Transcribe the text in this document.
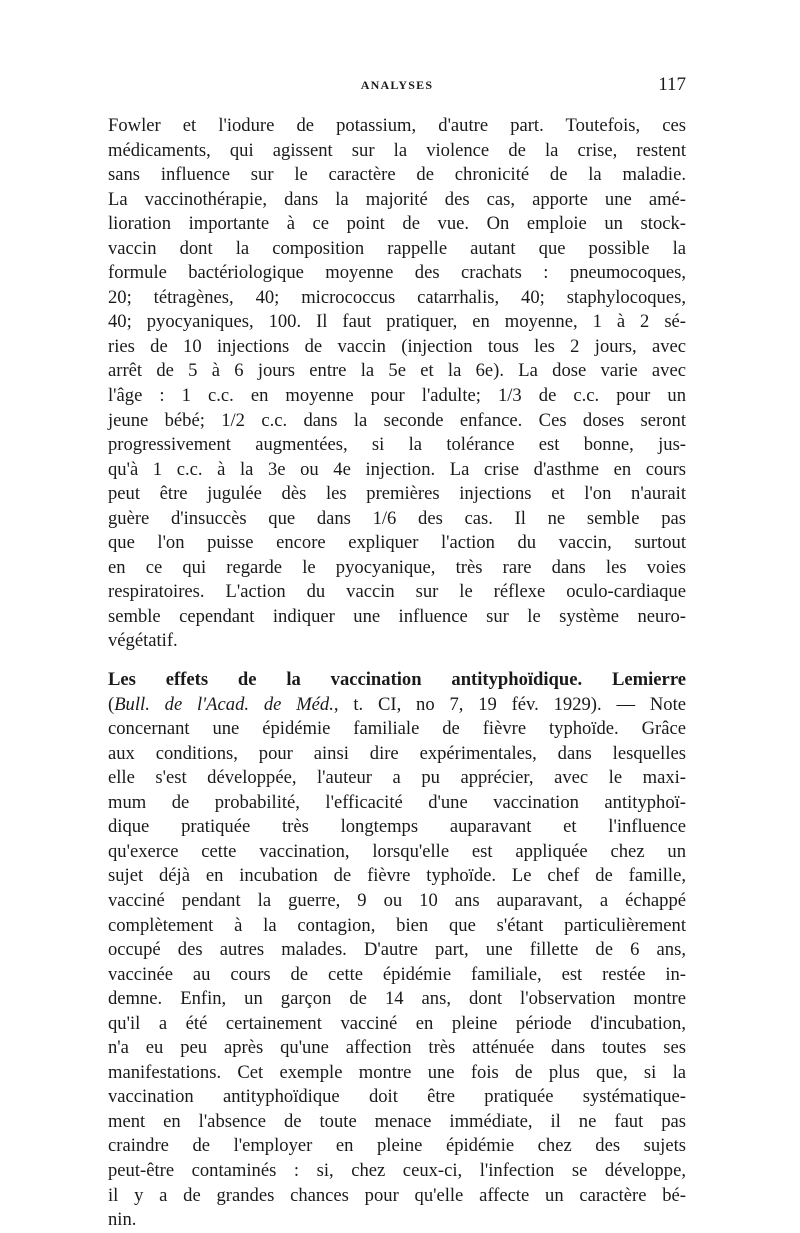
ANALYSES	117
Fowler et l'iodure de potassium, d'autre part. Toutefois, ces
médicaments, qui agissent sur la violence de la crise, restent
sans influence sur le caractère de chronicité de la maladie.
La vaccinothérapie, dans la majorité des cas, apporte une amé-
lioration importante à ce point de vue. On emploie un stock-
vaccin dont la composition rappelle autant que possible la
formule bactériologique moyenne des crachats : pneumocoques,
20; tétragènes, 40; micrococcus catarrhalis, 40; staphylocoques,
40; pyocyaniques, 100. Il faut pratiquer, en moyenne, 1 à 2 sé-
ries de 10 injections de vaccin (injection tous les 2 jours, avec
arrêt de 5 à 6 jours entre la 5e et la 6e). La dose varie avec
l'âge : 1 c.c. en moyenne pour l'adulte; 1/3 de c.c. pour un
jeune bébé; 1/2 c.c. dans la seconde enfance. Ces doses seront
progressivement augmentées, si la tolérance est bonne, jus-
qu'à 1 c.c. à la 3e ou 4e injection. La crise d'asthme en cours
peut être jugulée dès les premières injections et l'on n'aurait
guère d'insuccès que dans 1/6 des cas. Il ne semble pas
que l'on puisse encore expliquer l'action du vaccin, surtout
en ce qui regarde le pyocyanique, très rare dans les voies
respiratoires. L'action du vaccin sur le réflexe oculo-cardiaque
semble cependant indiquer une influence sur le système neuro-
végétatif.
Les effets de la vaccination antityphoïdique. Lemierre
(Bull. de l'Acad. de Méd., t. CI, no 7, 19 fév. 1929). — Note
concernant une épidémie familiale de fièvre typhoïde. Grâce
aux conditions, pour ainsi dire expérimentales, dans lesquelles
elle s'est développée, l'auteur a pu apprécier, avec le maxi-
mum de probabilité, l'efficacité d'une vaccination antityphoï-
dique pratiquée très longtemps auparavant et l'influence
qu'exerce cette vaccination, lorsqu'elle est appliquée chez un
sujet déjà en incubation de fièvre typhoïde. Le chef de famille,
vacciné pendant la guerre, 9 ou 10 ans auparavant, a échappé
complètement à la contagion, bien que s'étant particulièrement
occupé des autres malades. D'autre part, une fillette de 6 ans,
vaccinée au cours de cette épidémie familiale, est restée in-
demne. Enfin, un garçon de 14 ans, dont l'observation montre
qu'il a été certainement vacciné en pleine période d'incubation,
n'a eu peu après qu'une affection très atténuée dans toutes ses
manifestations. Cet exemple montre une fois de plus que, si la
vaccination antityphoïdique doit être pratiquée systématique-
ment en l'absence de toute menace immédiate, il ne faut pas
craindre de l'employer en pleine épidémie chez des sujets
peut-être contaminés : si, chez ceux-ci, l'infection se développe,
il y a de grandes chances pour qu'elle affecte un caractère bé-
nin.
